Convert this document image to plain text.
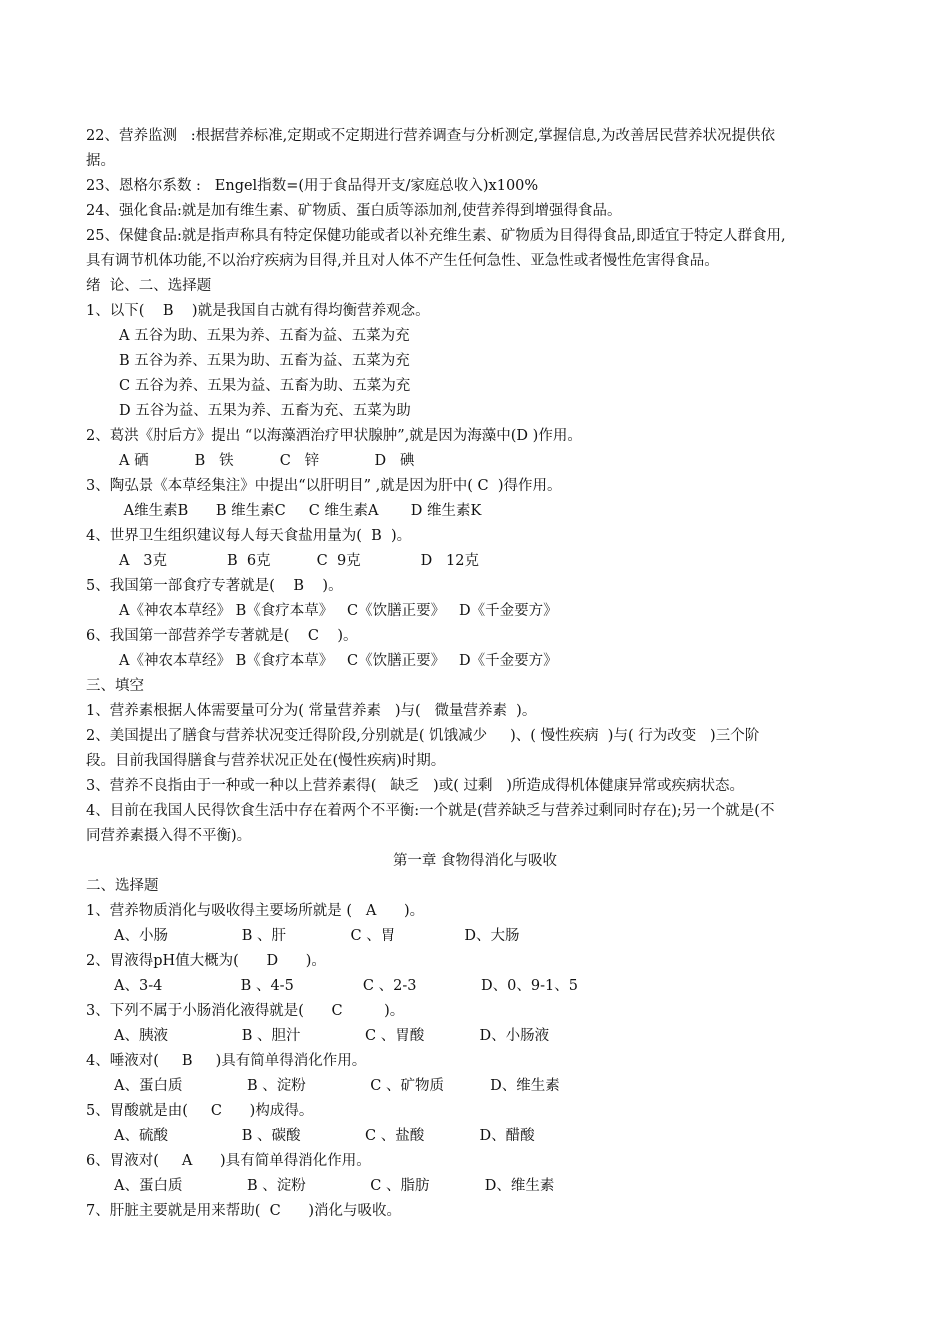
22、营养监测   :根据营养标准,定期或不定期进行营养调查与分析测定,掌握信息,为改善居民营养状况提供依
据。
23、恩格尔系数 :   Engel指数=(用于食品得开支/家庭总收入)x100%
24、强化食品:就是加有维生素、矿物质、蛋白质等添加剂,使营养得到增强得食品。
25、保健食品:就是指声称具有特定保健功能或者以补充维生素、矿物质为目得得食品,即适宜于特定人群食用,
具有调节机体功能,不以治疗疾病为目得,并且对人体不产生任何急性、亚急性或者慢性危害得食品。
绪  论、二、选择题
1、以下(    B    )就是我国自古就有得均衡营养观念。
A 五谷为助、五果为养、五畜为益、五菜为充
B 五谷为养、五果为助、五畜为益、五菜为充
C 五谷为养、五果为益、五畜为助、五菜为充
D 五谷为益、五果为养、五畜为充、五菜为助
2、葛洪《肘后方》提出 “以海藻酒治疗甲状腺肿”,就是因为海藻中(D )作用。
A 硒          B   铁          C   锌            D   碘
3、陶弘景《本草经集注》中提出“以肝明目” ,就是因为肝中( C  )得作用。
A维生素B      B 维生素C     C 维生素A       D 维生素K
4、世界卫生组织建议每人每天食盐用量为(  B  )。
A   3克             B  6克          C  9克             D   12克
5、我国第一部食疗专著就是(    B    )。
A《神农本草经》 B《食疗本草》   C《饮膳正要》   D《千金要方》
6、我国第一部营养学专著就是(    C    )。
A《神农本草经》 B《食疗本草》   C《饮膳正要》   D《千金要方》
三、填空
1、营养素根据人体需要量可分为( 常量营养素   )与(   微量营养素  )。
2、美国提出了膳食与营养状况变迁得阶段,分别就是( 饥饿减少     )、( 慢性疾病  )与( 行为改变   )三个阶
段。目前我国得膳食与营养状况正处在(慢性疾病)时期。
3、营养不良指由于一种或一种以上营养素得(   缺乏   )或( 过剩   )所造成得机体健康异常或疾病状态。
4、目前在我国人民得饮食生活中存在着两个不平衡:一个就是(营养缺乏与营养过剩同时存在);另一个就是(不
同营养素摄入得不平衡)。
第一章 食物得消化与吸收
二、选择题
1、营养物质消化与吸收得主要场所就是 (   A      )。
A、小肠                B 、肝              C 、胃               D、大肠
2、胃液得pH值大概为(      D      )。
A、3-4                 B 、4-5               C 、2-3              D、0、9-1、5
3、下列不属于小肠消化液得就是(      C         )。
A、胰液                B 、胆汁              C 、胃酸            D、小肠液
4、唾液对(     B     )具有简单得消化作用。
A、蛋白质              B 、淀粉              C 、矿物质          D、维生素
5、胃酸就是由(     C      )构成得。
A、硫酸                B 、碳酸              C 、盐酸            D、醋酸
6、胃液对(     A      )具有简单得消化作用。
A、蛋白质              B 、淀粉              C 、脂肪            D、维生素
7、肝脏主要就是用来帮助(  C      )消化与吸收。
